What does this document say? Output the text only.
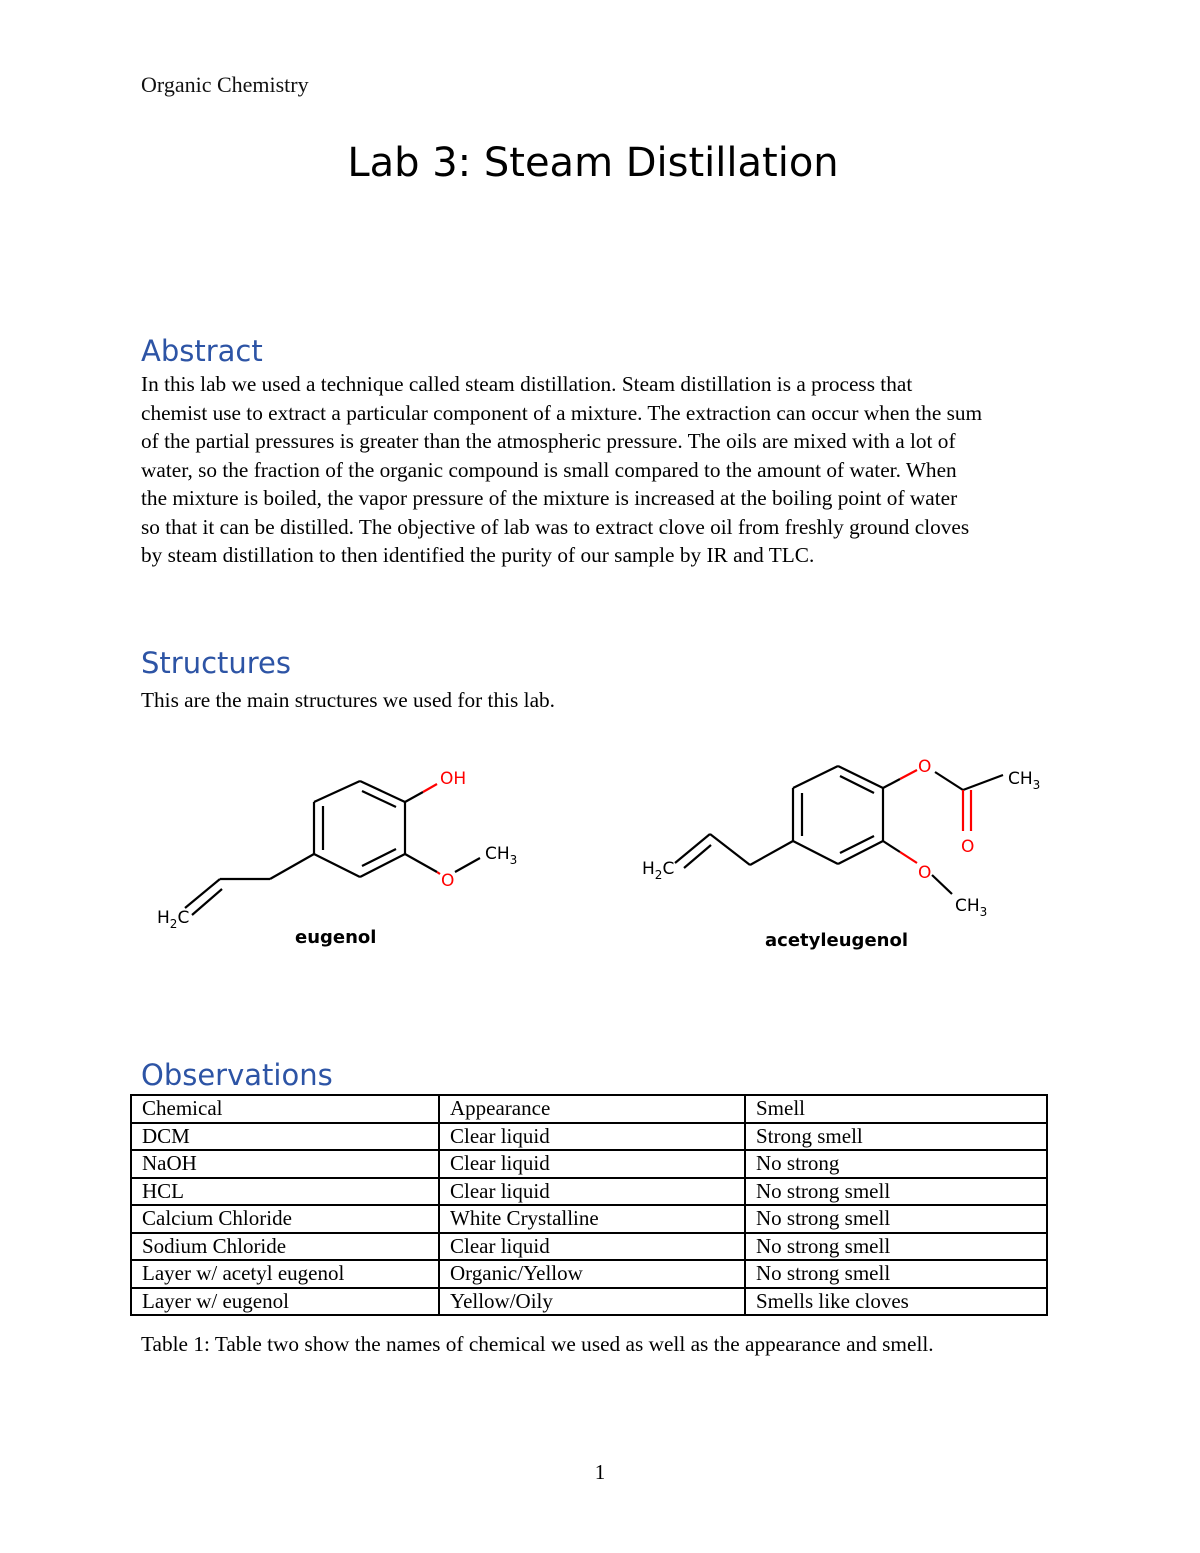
Organic Chemistry
Lab 3: Steam Distillation
Abstract
In this lab we used a technique called steam distillation. Steam distillation is a process that
chemist use to extract a particular component of a mixture. The extraction can occur when the sum
of the partial pressures is greater than the atmospheric pressure. The oils are mixed with a lot of
water, so the fraction of the organic compound is small compared to the amount of water. When
the mixture is boiled, the vapor pressure of the mixture is increased at the boiling point of water
so that it can be distilled. The objective of lab was to extract clove oil from freshly ground cloves
by steam distillation to then identified the purity of our sample by IR and TLC.
Structures
This are the main structures we used for this lab.
OH
O
$CH_3$
$H_2C$
eugenol
O
O
O
$CH_3$
$CH_3$
$H_2C$
acetyleugenol
Observations
Chemical	Appearance	Smell
DCM	Clear liquid	Strong smell
NaOH	Clear liquid	No strong
HCL	Clear liquid	No strong smell
Calcium Chloride	White Crystalline	No strong smell
Sodium Chloride	Clear liquid	No strong smell
Layer w/ acetyl eugenol	Organic/Yellow	No strong smell
Layer w/ eugenol	Yellow/Oily	Smells like cloves
Table 1: Table two show the names of chemical we used as well as the appearance and smell.
1
